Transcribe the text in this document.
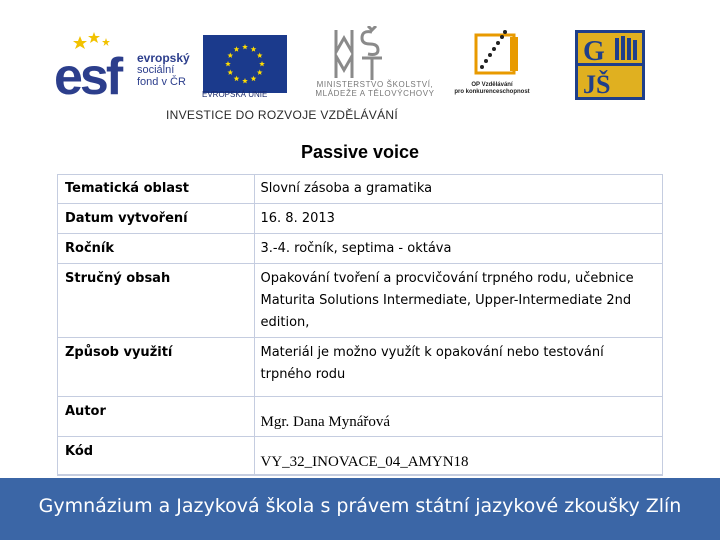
esf	evropský
sociální
fond v ČR
EVROPSKÁ UNIE
MINISTERSTVO ŠKOLSTVÍ,
MLÁDEŽE A TĚLOVÝCHOVY
OP Vzdělávání
pro konkurenceschopnost
G
JŠ
INVESTICE DO ROZVOJE VZDĚLÁVÁNÍ
Passive voice
Tematická oblast	Slovní zásoba a gramatika
Datum vytvoření	16. 8. 2013
Ročník	3.-4. ročník, septima - oktáva
Stručný obsah	Opakování tvoření a procvičování trpného rodu, učebnice Maturita Solutions Intermediate, Upper-Intermediate 2nd edition,
Způsob využití	Materiál je možno využít k opakování nebo testování trpného rodu
Autor	Mgr. Dana Mynářová
Kód	VY_32_INOVACE_04_AMYN18
Gymnázium a Jazyková škola s právem státní jazykové zkoušky Zlín
